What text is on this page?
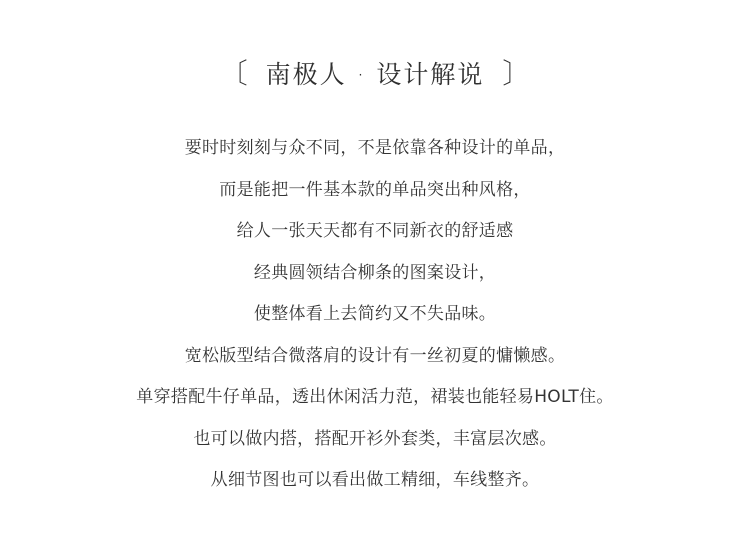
〔 南极人 · 设计解说 〕
要时时刻刻与众不同，不是依靠各种设计的单品，
而是能把一件基本款的单品突出种风格，
给人一张天天都有不同新衣的舒适感
经典圆领结合柳条的图案设计，
使整体看上去简约又不失品味。
宽松版型结合微落肩的设计有一丝初夏的慵懒感。
单穿搭配牛仔单品，透出休闲活力范，裙装也能轻易HOLT住。
也可以做内搭，搭配开衫外套类，丰富层次感。
从细节图也可以看出做工精细，车线整齐。
